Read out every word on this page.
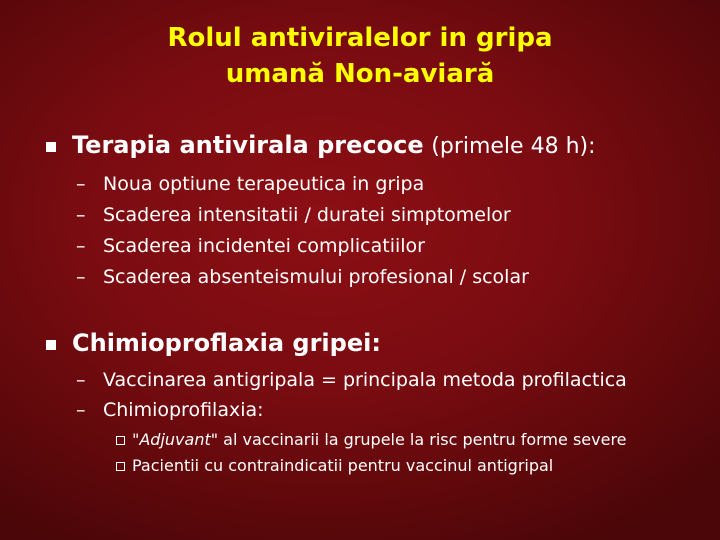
Rolul antiviralelor in gripa
umană Non-aviară
Terapia antivirala precoce (primele 48 h):
– Noua optiune terapeutica in gripa
– Scaderea intensitatii / duratei simptomelor
– Scaderea incidentei complicatiilor
– Scaderea absenteismului profesional / scolar
Chimioproflaxia gripei:
– Vaccinarea antigripala = principala metoda profilactica
– Chimioprofilaxia:
"Adjuvant" al vaccinarii la grupele la risc pentru forme severe
Pacientii cu contraindicatii pentru vaccinul antigripal
